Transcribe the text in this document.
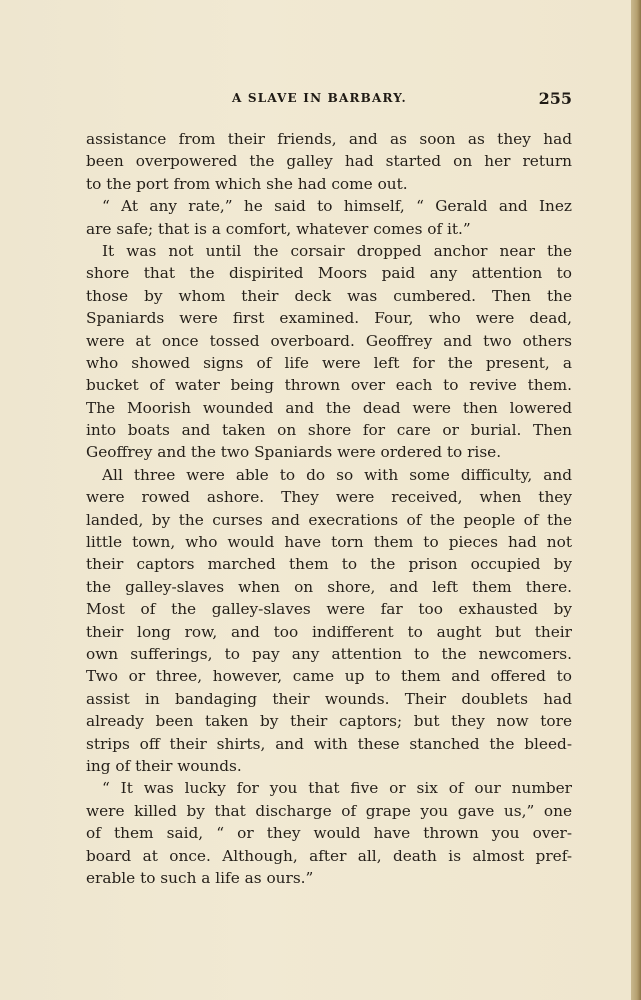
A SLAVE IN BARBARY.	255
assistance from their friends, and as soon as they had
been overpowered the galley had started on her return
to the port from which she had come out.
“ At any rate,” he said to himself, “ Gerald and Inez
are safe; that is a comfort, whatever comes of it.”
It was not until the corsair dropped anchor near the
shore that the dispirited Moors paid any attention to
those by whom their deck was cumbered. Then the
Spaniards were first examined. Four, who were dead,
were at once tossed overboard. Geoffrey and two others
who showed signs of life were left for the present, a
bucket of water being thrown over each to revive them.
The Moorish wounded and the dead were then lowered
into boats and taken on shore for care or burial. Then
Geoffrey and the two Spaniards were ordered to rise.
All three were able to do so with some difficulty, and
were rowed ashore. They were received, when they
landed, by the curses and execrations of the people of the
little town, who would have torn them to pieces had not
their captors marched them to the prison occupied by
the galley-slaves when on shore, and left them there.
Most of the galley-slaves were far too exhausted by
their long row, and too indifferent to aught but their
own sufferings, to pay any attention to the newcomers.
Two or three, however, came up to them and offered to
assist in bandaging their wounds. Their doublets had
already been taken by their captors; but they now tore
strips off their shirts, and with these stanched the bleed-
ing of their wounds.
“ It was lucky for you that five or six of our number
were killed by that discharge of grape you gave us,” one
of them said, “ or they would have thrown you over-
board at once. Although, after all, death is almost pref-
erable to such a life as ours.”
